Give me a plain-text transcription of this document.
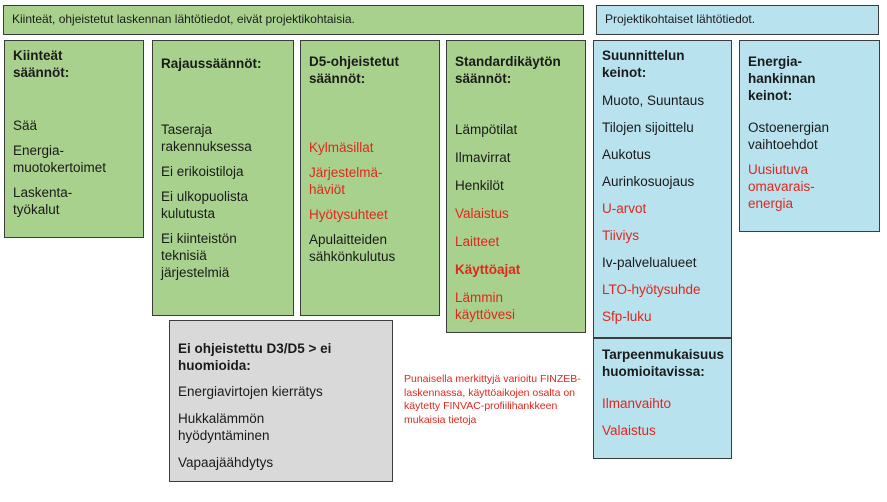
Kiinteät, ohjeistetut laskennan lähtötiedot, eivät projektikohtaisia.	Projektikohtaiset lähtötiedot.
Kiinteät säännöt:
Sää
Energia-muotokertoimet
Laskenta-työkalut
Rajaussäännöt:
Taseraja rakennuksessa
Ei erikoistiloja
Ei ulkopuolista kulutusta
Ei kiinteistön teknisiä järjestelmiä
D5-ohjeistetut säännöt:
Kylmäsillat
Järjestelmä-häviöt
Hyötysuhteet
Apulaitteiden sähkönkulutus
Standardikäytön säännöt:
Lämpötilat
Ilmavirrat
Henkilöt
Valaistus
Laitteet
Käyttöajat
Lämmin käyttövesi
Suunnittelun keinot:
Muoto, Suuntaus
Tilojen sijoittelu
Aukotus
Aurinkosuojaus
U-arvot
Tiiviys
Iv-palvelualueet
LTO-hyötysuhde
Sfp-luku
Energia-hankinnan keinot:
Ostoenergian vaihtoehdot
Uusiutuva omavarais-energia
Tarpeenmukaisuus huomioitavissa:
Ilmanvaihto
Valaistus
Ei ohjeistettu D3/D5 > ei huomioida:
Energiavirtojen kierrätys
Hukkalämmön hyödyntäminen
Vapaajäähdytys
Punaisella merkittyjä varioitu FINZEB-laskennassa, käyttöaikojen osalta on käytetty FINVAC-profiilihankkeen mukaisia tietoja
